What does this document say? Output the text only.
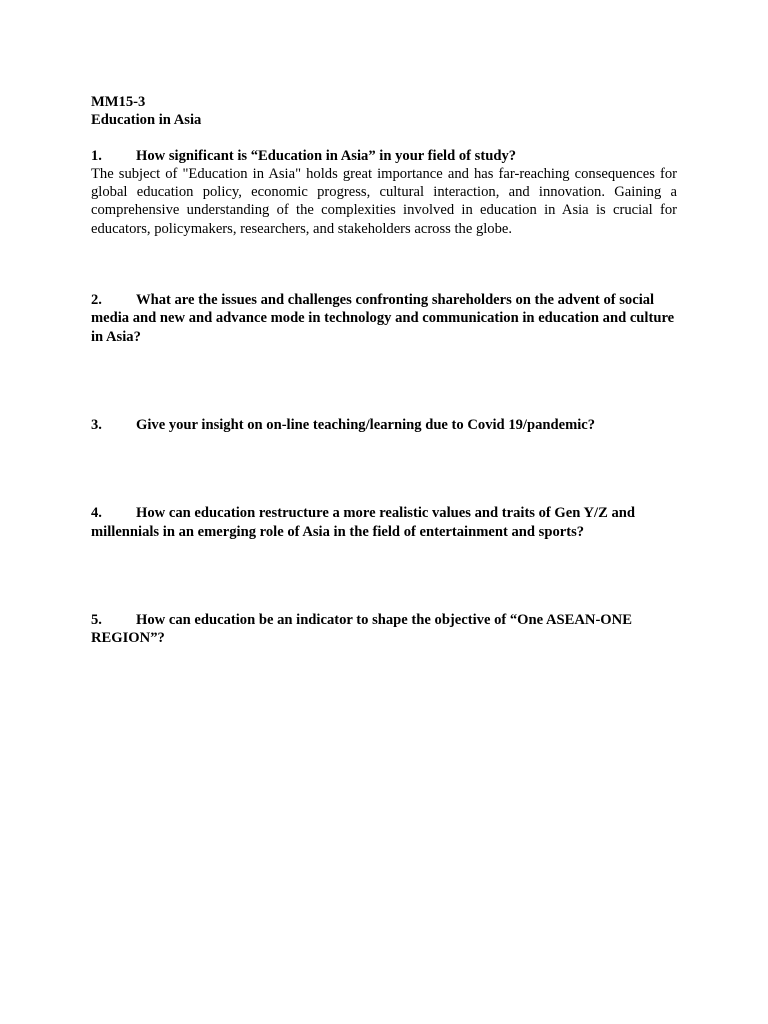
MM15-3

Education in Asia

1. How significant is “Education in Asia” in your field of study?

The subject of "Education in Asia" holds great importance and has far-reaching consequences for global education policy, economic progress, cultural interaction, and innovation. Gaining a comprehensive understanding of the complexities involved in education in Asia is crucial for educators, policymakers, researchers, and stakeholders across the globe.

2. What are the issues and challenges confronting shareholders on the advent of social media and new and advance mode in technology and communication in education and culture in Asia?

3. Give your insight on on-line teaching/learning due to Covid 19/pandemic?

4. How can education restructure a more realistic values and traits of Gen Y/Z and millennials in an emerging role of Asia in the field of entertainment and sports?

5. How can education be an indicator to shape the objective of “One ASEAN-ONE REGION”?
